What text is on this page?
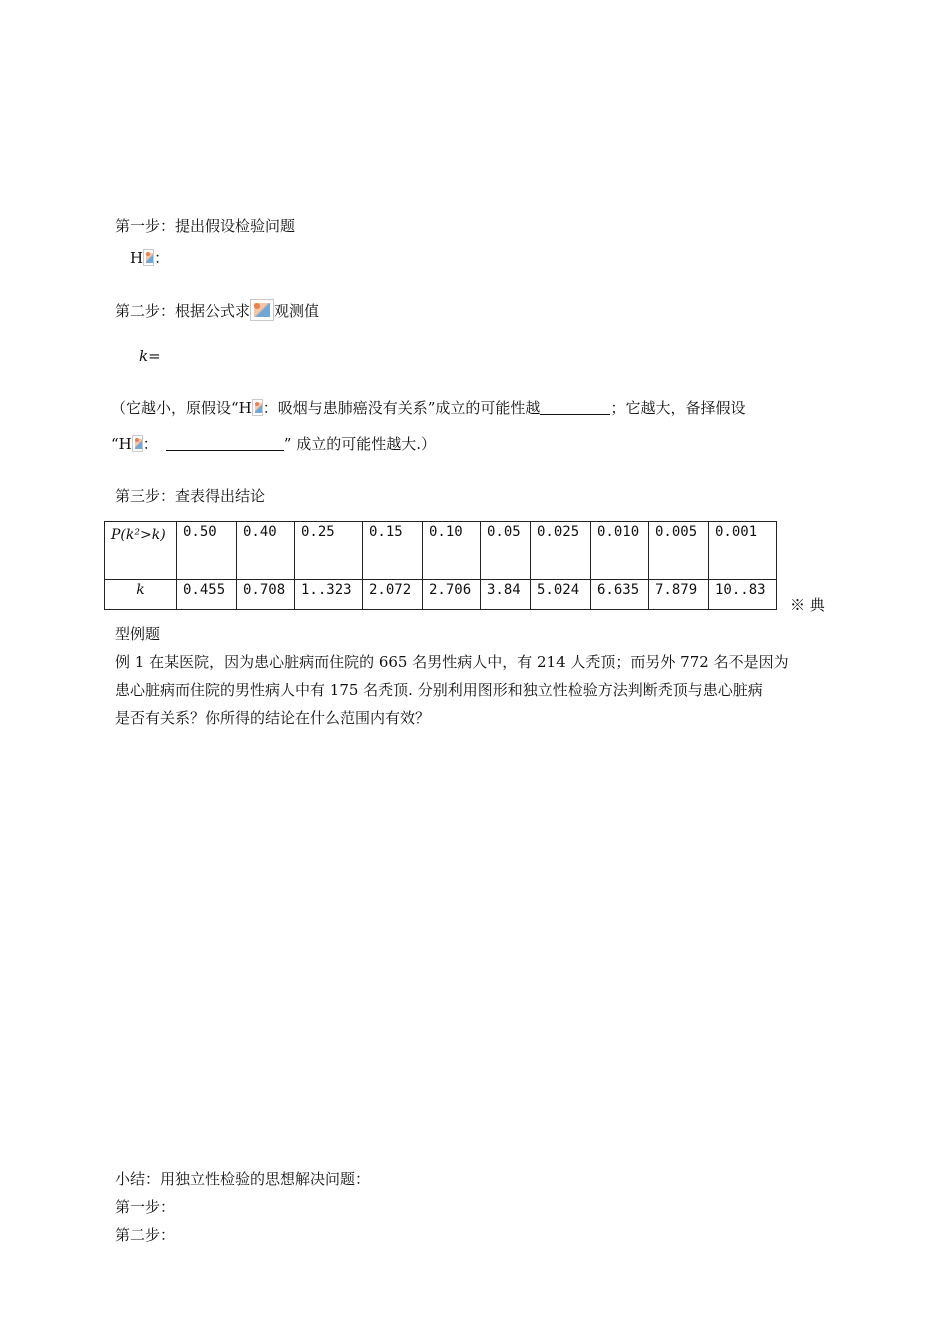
第一步：提出假设检验问题
H ：
第二步：根据公式求 观测值
k=
（它越小，原假设“H ：吸烟与患肺癌没有关系”成立的可能性越	；它越大，备择假设
“H ：	” 成立的可能性越大.）
第三步：查表得出结论
P(k²>k)	0.50	0.40	0.25	0.15	0.10	0.05	0.025	0.010	0.005	0.001
k	0.455	0.708	1..323	2.072	2.706	3.84	5.024	6.635	7.879	10..83
※ 典
型例题
例 1 在某医院，因为患心脏病而住院的 665 名男性病人中，有 214 人秃顶；而另外 772 名不是因为
患心脏病而住院的男性病人中有 175 名秃顶. 分别利用图形和独立性检验方法判断秃顶与患心脏病
是否有关系？你所得的结论在什么范围内有效？
小结：用独立性检验的思想解决问题：
第一步：
第二步：
